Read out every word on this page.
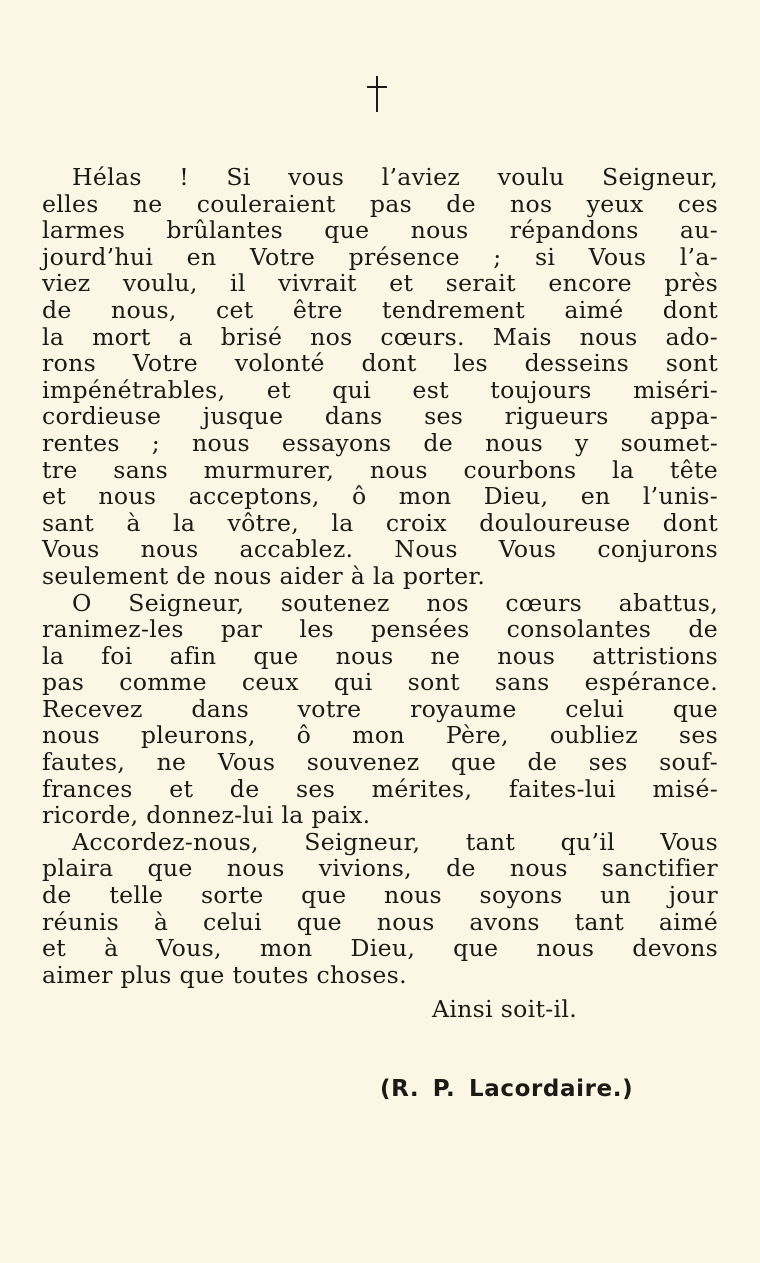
Hélas ! Si vous l’aviez voulu Seigneur,
elles ne couleraient pas de nos yeux ces
larmes brûlantes que nous répandons au-
jourd’hui en Votre présence ; si Vous l’a-
viez voulu, il vivrait et serait encore près
de nous, cet être tendrement aimé dont
la mort a brisé nos cœurs. Mais nous ado-
rons Votre volonté dont les desseins sont
impénétrables, et qui est toujours miséri-
cordieuse jusque dans ses rigueurs appa-
rentes ; nous essayons de nous y soumet-
tre sans murmurer, nous courbons la tête
et nous acceptons, ô mon Dieu, en l’unis-
sant à la vôtre, la croix douloureuse dont
Vous nous accablez. Nous Vous conjurons
seulement de nous aider à la porter.
O Seigneur, soutenez nos cœurs abattus,
ranimez-les par les pensées consolantes de
la foi afin que nous ne nous attristions
pas comme ceux qui sont sans espérance.
Recevez dans votre royaume celui que
nous pleurons, ô mon Père, oubliez ses
fautes, ne Vous souvenez que de ses souf-
frances et de ses mérites, faites-lui misé-
ricorde, donnez-lui la paix.
Accordez-nous, Seigneur, tant qu’il Vous
plaira que nous vivions, de nous sanctifier
de telle sorte que nous soyons un jour
réunis à celui que nous avons tant aimé
et à Vous, mon Dieu, que nous devons
aimer plus que toutes choses.
Ainsi soit-il.
(R. P. Lacordaire.)
